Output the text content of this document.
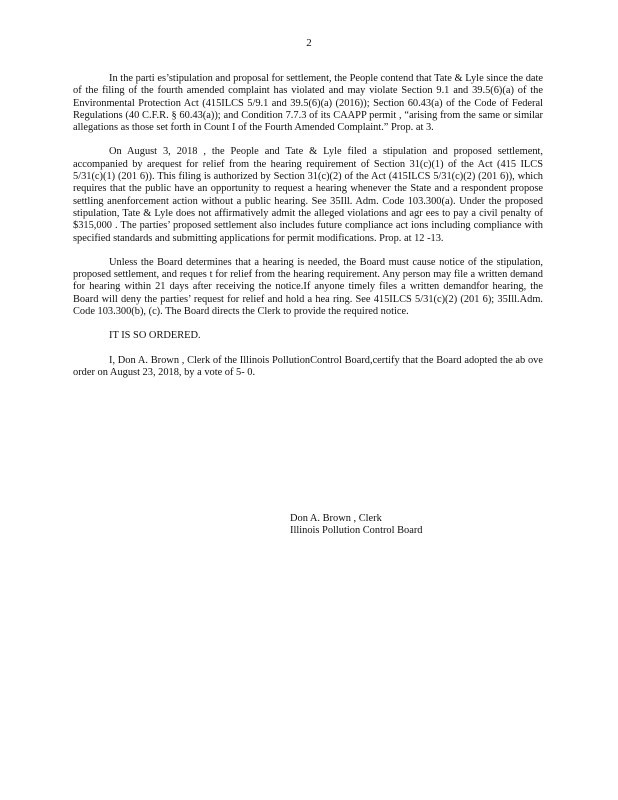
2

In the parti es’stipulation and proposal for settlement, the People contend that Tate & Lyle since the date of the filing of the fourth amended complaint has violated and may violate Section 9.1 and 39.5(6)(a) of the Environmental Protection Act (415ILCS 5/9.1 and 39.5(6)(a) (2016)); Section 60.43(a) of the Code of Federal Regulations (40 C.F.R. § 60.43(a)); and Condition 7.7.3 of its CAAPP permit , “arising from the same or similar allegations as those set forth in Count I of the Fourth Amended Complaint.” Prop. at 3.

On August 3, 2018 , the People and Tate & Lyle filed a stipulation and proposed settlement, accompanied by arequest for relief from the hearing requirement of Section 31(c)(1) of the Act (415 ILCS 5/31(c)(1) (201 6)). This filing is authorized by Section 31(c)(2) of the Act (415ILCS 5/31(c)(2) (201 6)), which requires that the public have an opportunity to request a hearing whenever the State and a respondent propose settling anenforcement action without a public hearing. See 35Ill. Adm. Code 103.300(a). Under the proposed stipulation, Tate & Lyle does not affirmatively admit the alleged violations and agr ees to pay a civil penalty of $315,000 . The parties’ proposed settlement also includes future compliance act ions including compliance with specified standards and submitting applications for permit modifications. Prop. at 12 -13.

Unless the Board determines that a hearing is needed, the Board must cause notice of the stipulation, proposed settlement, and reques t for relief from the hearing requirement. Any person may file a written demand for hearing within 21 days after receiving the notice.If anyone timely files a written demandfor hearing, the Board will deny the parties’ request for relief and hold a hea ring. See 415ILCS 5/31(c)(2) (201 6); 35Ill.Adm. Code 103.300(b), (c). The Board directs the Clerk to provide the required notice.

IT IS SO ORDERED.

I, Don A. Brown , Clerk of the Illinois PollutionControl Board,certify that the Board adopted the ab ove order on August 23, 2018, by a vote of 5- 0.

Don A. Brown , Clerk
Illinois Pollution Control Board
